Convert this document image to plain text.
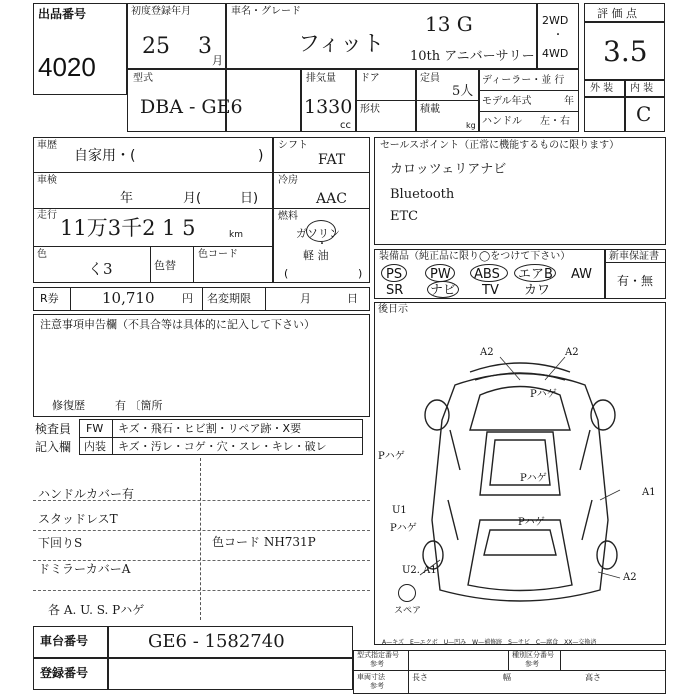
出品番号
4020
初度登録年月
25 3
月
車名・グレード
13 G
フィット 10th アニバーサリー
2WD
・
4WD
型式
DBA - GE6
排気量
1330
cc
ドア
形状
定員
5人
積載
kg
ディーラー・並 行
モデル年式	年
ハンドル 左・右
評 価 点
3.5
外 装 内 装
C
車歴
自家用・(	)
車検
年	月(	日)
走行
11万3千2 1 5	km
色
く3	色替
色コード
シフト
FAT
冷房
AAC
燃料
ガソリン
・
軽 油
(	)
セールスポイント（正常に機能するものに限ります）
カロッツェリアナビ
Bluetooth
ETC
装備品（純正品に限り◯をつけて下さい）
PS PW ABS エアB AW
SR ナビ TV カワ
新車保証書
有・無
R券	10,710	円 名変期限	月	日
注意事項申告欄（不具合等は具体的に記入して下さい）
修復歴	有 〔箇所
検査員
記入欄
FW
内装
キズ・飛石・ヒビ割・リペア跡・X要
キズ・汚レ・コゲ・穴・スレ・キレ・破レ
ハンドルカバー有
スタッドレスT
下回りS
ドミラーカバーA
各 A. U. S. Pハゲ
色コード NH731P
車台番号	GE6 - 1582740
登録番号
後日示
A2	A2
Pハゲ
Pハゲ
Pハゲ
A1
Pハゲ
U1
Pハゲ
U2. A1
A2
スペア
A—キズ　E—エクボ　U—凹み　W—補修跡　S—サビ　C—腐食　XX—交換済
型式指定番号
参考
種別区分番号
参考
車両寸法
参考
長さ	幅	高さ
